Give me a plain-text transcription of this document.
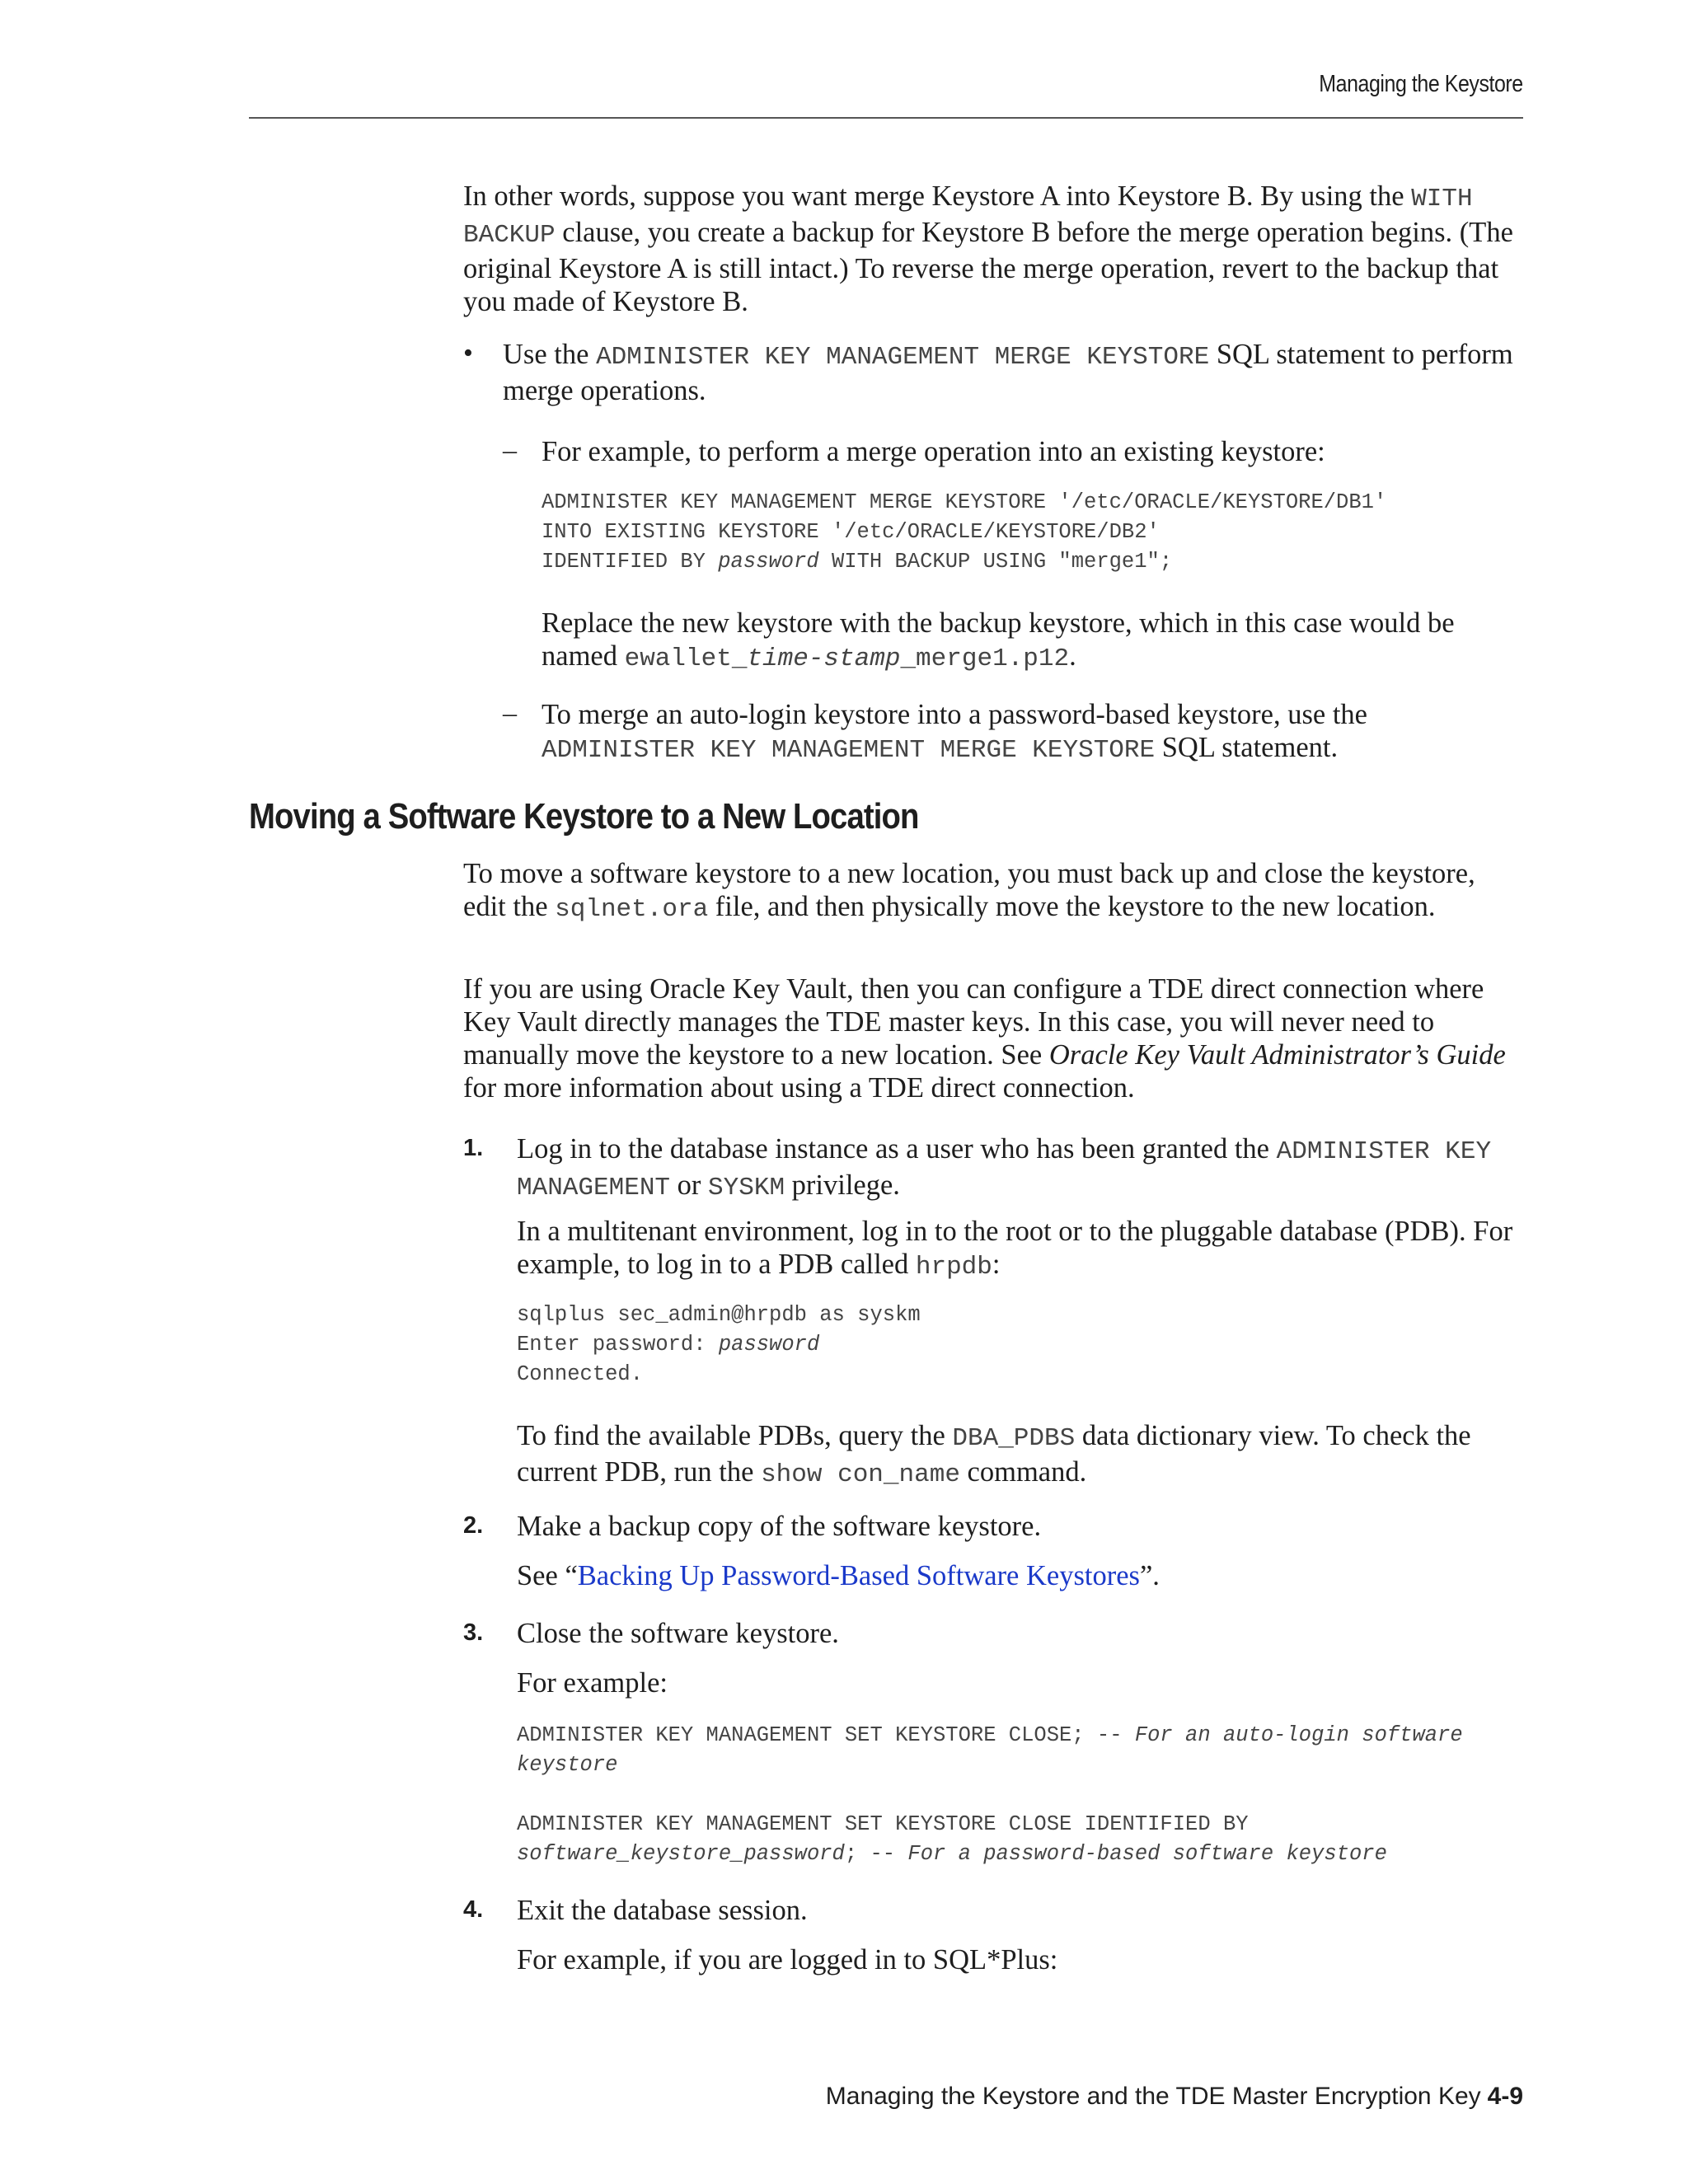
Managing the Keystore

In other words, suppose you want merge Keystore A into Keystore B. By using the WITH BACKUP clause, you create a backup for Keystore B before the merge operation begins. (The original Keystore A is still intact.) To reverse the merge operation, revert to the backup that you made of Keystore B.

• Use the ADMINISTER KEY MANAGEMENT MERGE KEYSTORE SQL statement to perform merge operations.

– For example, to perform a merge operation into an existing keystore:

ADMINISTER KEY MANAGEMENT MERGE KEYSTORE '/etc/ORACLE/KEYSTORE/DB1'
INTO EXISTING KEYSTORE '/etc/ORACLE/KEYSTORE/DB2'
IDENTIFIED BY password WITH BACKUP USING "merge1";

Replace the new keystore with the backup keystore, which in this case would be named ewallet_time-stamp_merge1.p12.

– To merge an auto-login keystore into a password-based keystore, use the ADMINISTER KEY MANAGEMENT MERGE KEYSTORE SQL statement.

Moving a Software Keystore to a New Location

To move a software keystore to a new location, you must back up and close the keystore, edit the sqlnet.ora file, and then physically move the keystore to the new location.

If you are using Oracle Key Vault, then you can configure a TDE direct connection where Key Vault directly manages the TDE master keys. In this case, you will never need to manually move the keystore to a new location. See Oracle Key Vault Administrator’s Guide for more information about using a TDE direct connection.

1. Log in to the database instance as a user who has been granted the ADMINISTER KEY MANAGEMENT or SYSKM privilege.

In a multitenant environment, log in to the root or to the pluggable database (PDB). For example, to log in to a PDB called hrpdb:

sqlplus sec_admin@hrpdb as syskm
Enter password: password
Connected.

To find the available PDBs, query the DBA_PDBS data dictionary view. To check the current PDB, run the show con_name command.

2. Make a backup copy of the software keystore.

See “Backing Up Password-Based Software Keystores”.

3. Close the software keystore.

For example:

ADMINISTER KEY MANAGEMENT SET KEYSTORE CLOSE; -- For an auto-login software
keystore
ADMINISTER KEY MANAGEMENT SET KEYSTORE CLOSE IDENTIFIED BY
software_keystore_password; -- For a password-based software keystore
4. Exit the database session.

For example, if you are logged in to SQL*Plus:

Managing the Keystore and the TDE Master Encryption Key 4-9
